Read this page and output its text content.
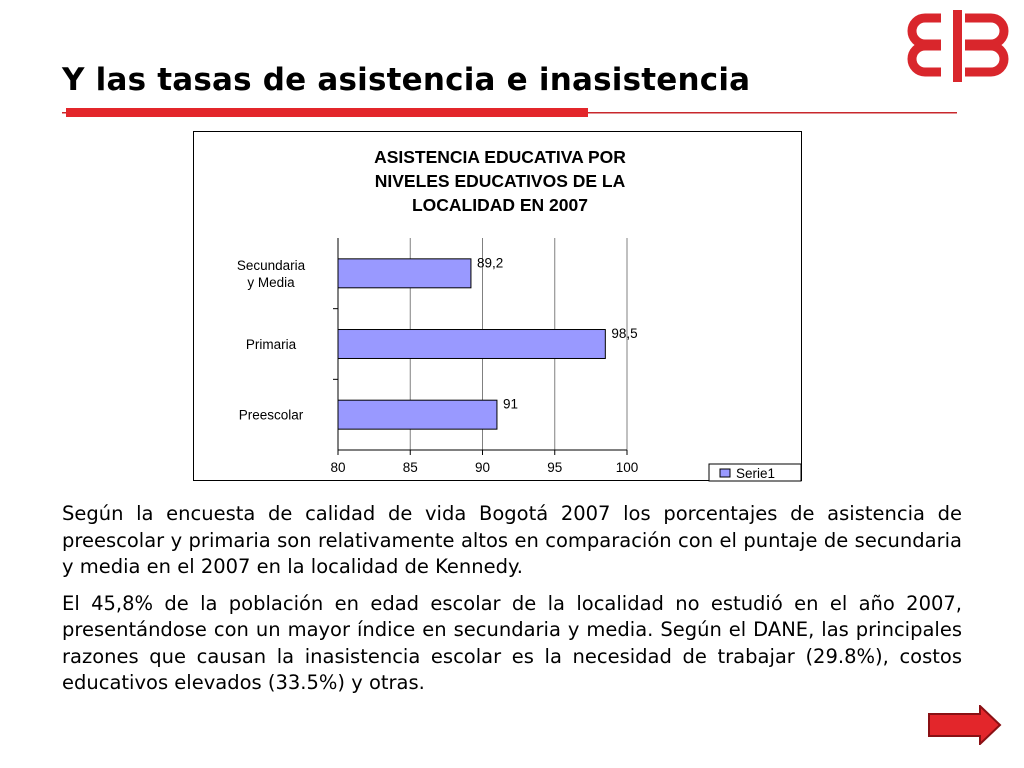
Y las tasas de asistencia e inasistencia
ASISTENCIA EDUCATIVA POR
NIVELES EDUCATIVOS DE LA
LOCALIDAD EN 2007
80	85	90	95	100
89,2
Secundaria
y Media
98,5
Primaria
91
Preescolar
Serie1

Según la encuesta de calidad de vida Bogotá 2007 los porcentajes de asistencia de preescolar y primaria son relativamente altos en comparación con el puntaje de secundaria y media en el 2007 en la localidad de Kennedy.

El 45,8% de la población en edad escolar de la localidad no estudió en el año 2007, presentándose con un mayor índice en secundaria y media. Según el DANE, las principales razones que causan la inasistencia escolar es la necesidad de trabajar (29.8%), costos educativos elevados (33.5%) y otras.
